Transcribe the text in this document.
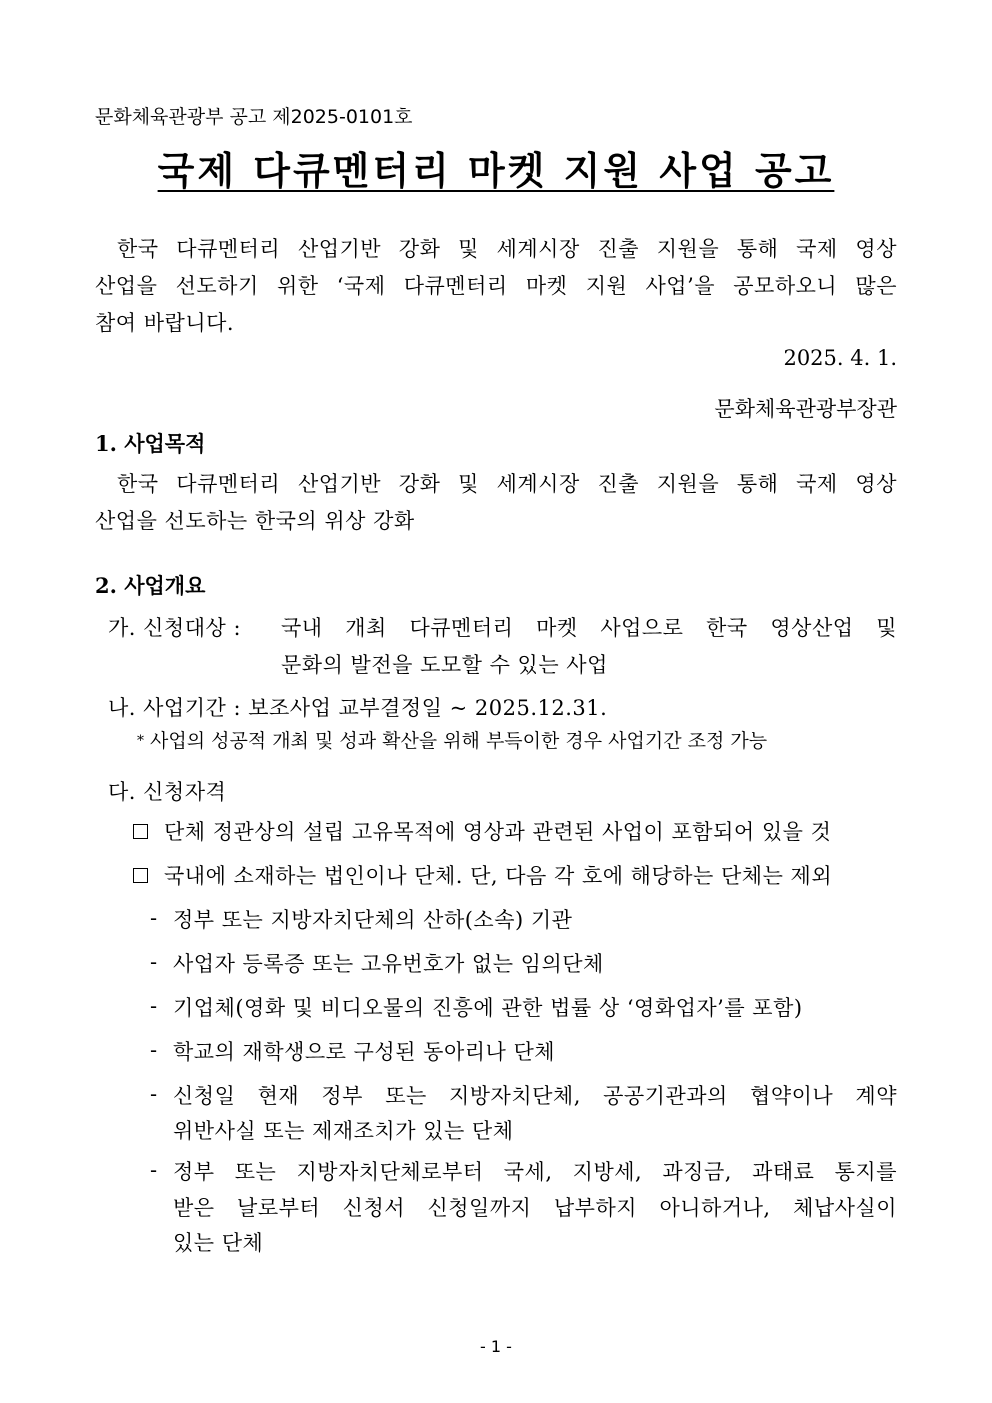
문화체육관광부 공고 제2025-0101호
국제 다큐멘터리 마켓 지원 사업 공고
한국 다큐멘터리 산업기반 강화 및 세계시장 진출 지원을 통해 국제 영상
산업을 선도하기 위한 ‘국제 다큐멘터리 마켓 지원 사업’을 공모하오니 많은
참여 바랍니다.
2025. 4. 1.
문화체육관광부장관
1. 사업목적
한국 다큐멘터리 산업기반 강화 및 세계시장 진출 지원을 통해 국제 영상
산업을 선도하는 한국의 위상 강화
2. 사업개요
가. 신청대상 : 국내 개최 다큐멘터리 마켓 사업으로 한국 영상산업 및
문화의 발전을 도모할 수 있는 사업
나. 사업기간 : 보조사업 교부결정일 ~ 2025.12.31.
* 사업의 성공적 개최 및 성과 확산을 위해 부득이한 경우 사업기간 조정 가능
다. 신청자격
단체 정관상의 설립 고유목적에 영상과 관련된 사업이 포함되어 있을 것
국내에 소재하는 법인이나 단체. 단, 다음 각 호에 해당하는 단체는 제외
- 정부 또는 지방자치단체의 산하(소속) 기관
- 사업자 등록증 또는 고유번호가 없는 임의단체
- 기업체(영화 및 비디오물의 진흥에 관한 법률 상 ‘영화업자’를 포함)
- 학교의 재학생으로 구성된 동아리나 단체
- 신청일 현재 정부 또는 지방자치단체, 공공기관과의 협약이나 계약
위반사실 또는 제재조치가 있는 단체
- 정부 또는 지방자치단체로부터 국세, 지방세, 과징금, 과태료 통지를
받은 날로부터 신청서 신청일까지 납부하지 아니하거나, 체납사실이
있는 단체
- 1 -
